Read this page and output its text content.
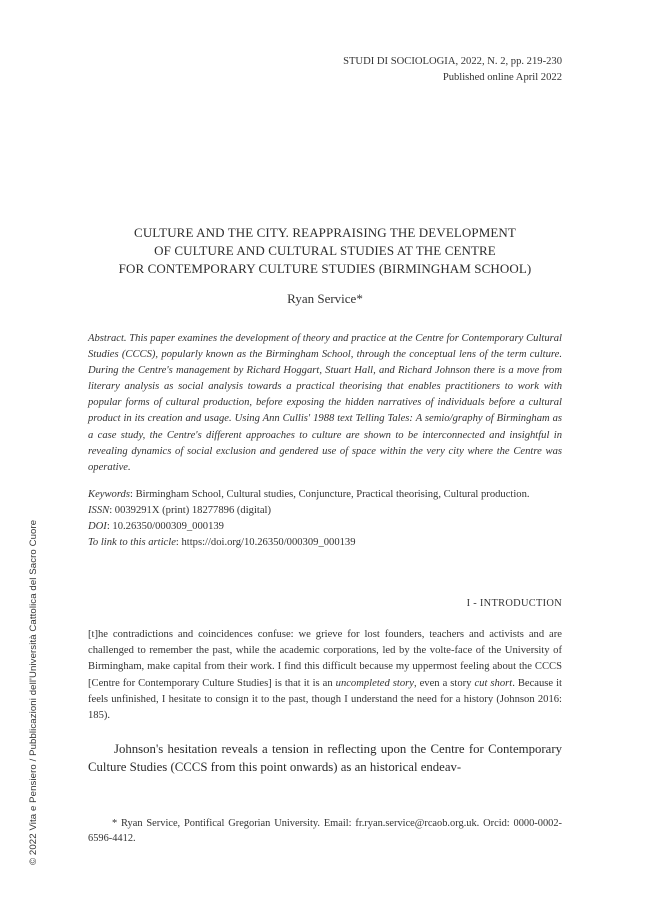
STUDI DI SOCIOLOGIA, 2022, N. 2, pp. 219-230
Published online April 2022
CULTURE AND THE CITY. REAPPRAISING THE DEVELOPMENT
OF CULTURE AND CULTURAL STUDIES AT THE CENTRE
FOR CONTEMPORARY CULTURE STUDIES (BIRMINGHAM SCHOOL)
Ryan Service*
Abstract. This paper examines the development of theory and practice at the Centre for Contemporary Cultural Studies (CCCS), popularly known as the Birmingham School, through the conceptual lens of the term culture. During the Centre's management by Richard Hoggart, Stuart Hall, and Richard Johnson there is a move from literary analysis as social analysis towards a practical theorising that enables practitioners to work with popular forms of cultural production, before exposing the hidden narratives of individuals before a cultural product in its creation and usage. Using Ann Cullis' 1988 text Telling Tales: A semio/graphy of Birmingham as a case study, the Centre's different approaches to culture are shown to be interconnected and insightful in revealing dynamics of social exclusion and gendered use of space within the very city where the Centre was operative.
Keywords: Birmingham School, Cultural studies, Conjuncture, Practical theorising, Cultural production.
ISSN: 0039291X (print) 18277896 (digital)
DOI: 10.26350/000309_000139
To link to this article: https://doi.org/10.26350/000309_000139
I - INTRODUCTION
[t]he contradictions and coincidences confuse: we grieve for lost founders, teachers and activists and are challenged to remember the past, while the academic corporations, led by the volte-face of the University of Birmingham, make capital from their work. I find this difficult because my uppermost feeling about the CCCS [Centre for Contemporary Culture Studies] is that it is an uncompleted story, even a story cut short. Because it feels unfinished, I hesitate to consign it to the past, though I understand the need for a history (Johnson 2016: 185).
Johnson's hesitation reveals a tension in reflecting upon the Centre for Contemporary Culture Studies (CCCS from this point onwards) as an historical endeav-
* Ryan Service, Pontifical Gregorian University. Email: fr.ryan.service@rcaob.org.uk. Orcid: 0000-0002-6596-4412.
© 2022 Vita e Pensiero / Pubblicazioni dell'Università Cattolica del Sacro Cuore
